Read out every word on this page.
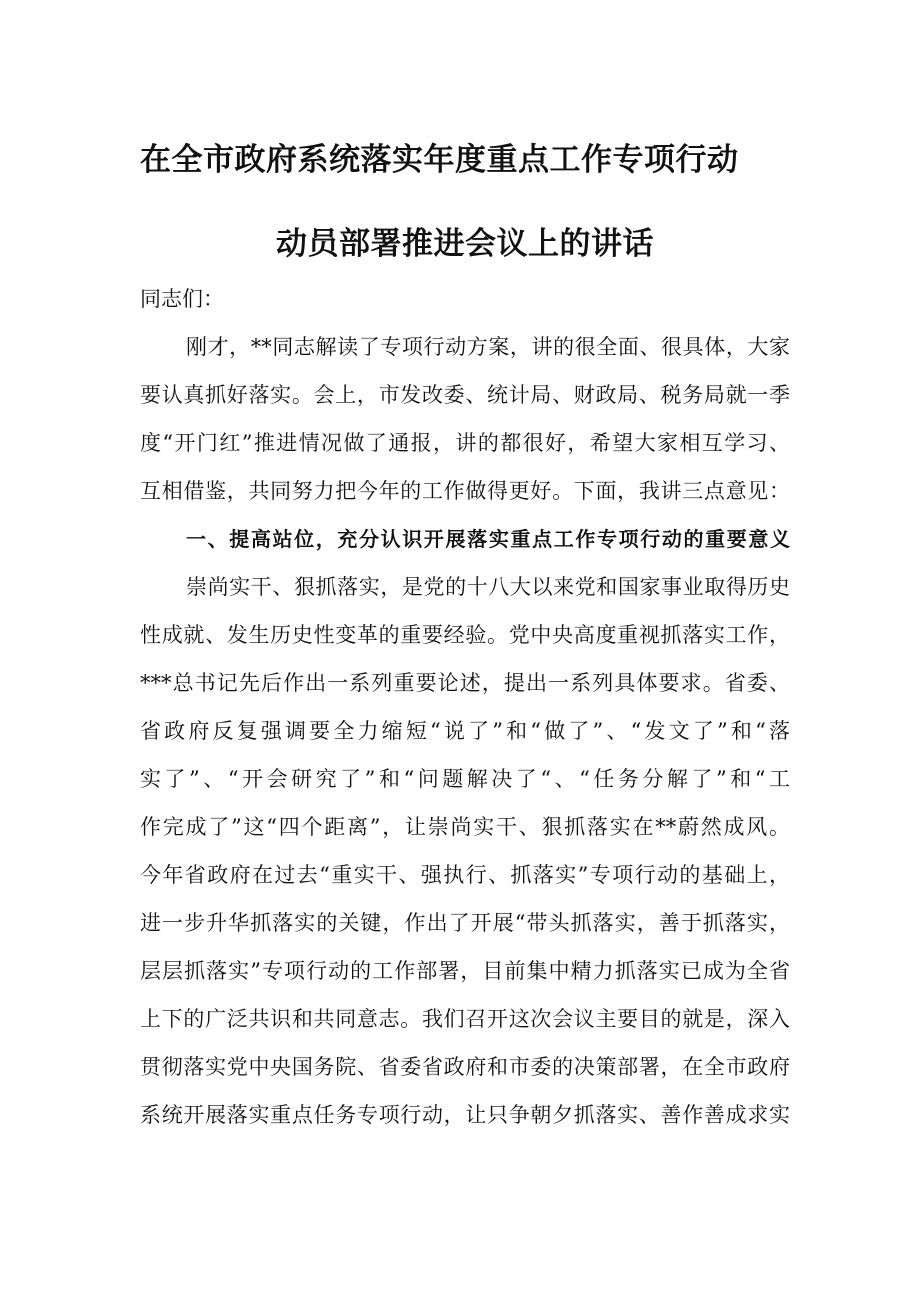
在全市政府系统落实年度重点工作专项行动
动员部署推进会议上的讲话
同志们：
刚才，**同志解读了专项行动方案，讲的很全面、很具体，大家
要认真抓好落实。会上，市发改委、统计局、财政局、税务局就一季
度“开门红”推进情况做了通报，讲的都很好，希望大家相互学习、
互相借鉴，共同努力把今年的工作做得更好。下面，我讲三点意见：
一、提高站位，充分认识开展落实重点工作专项行动的重要意义
崇尚实干、狠抓落实，是党的十八大以来党和国家事业取得历史
性成就、发生历史性变革的重要经验。党中央高度重视抓落实工作，
***总书记先后作出一系列重要论述，提出一系列具体要求。省委、
省政府反复强调要全力缩短“说了”和“做了”、“发文了”和“落
实了”、“开会研究了”和“问题解决了“、“任务分解了”和“工
作完成了”这“四个距离”，让崇尚实干、狠抓落实在**蔚然成风。
今年省政府在过去“重实干、强执行、抓落实”专项行动的基础上，
进一步升华抓落实的关键，作出了开展“带头抓落实，善于抓落实，
层层抓落实”专项行动的工作部署，目前集中精力抓落实已成为全省
上下的广泛共识和共同意志。我们召开这次会议主要目的就是，深入
贯彻落实党中央国务院、省委省政府和市委的决策部署，在全市政府
系统开展落实重点任务专项行动，让只争朝夕抓落实、善作善成求实
